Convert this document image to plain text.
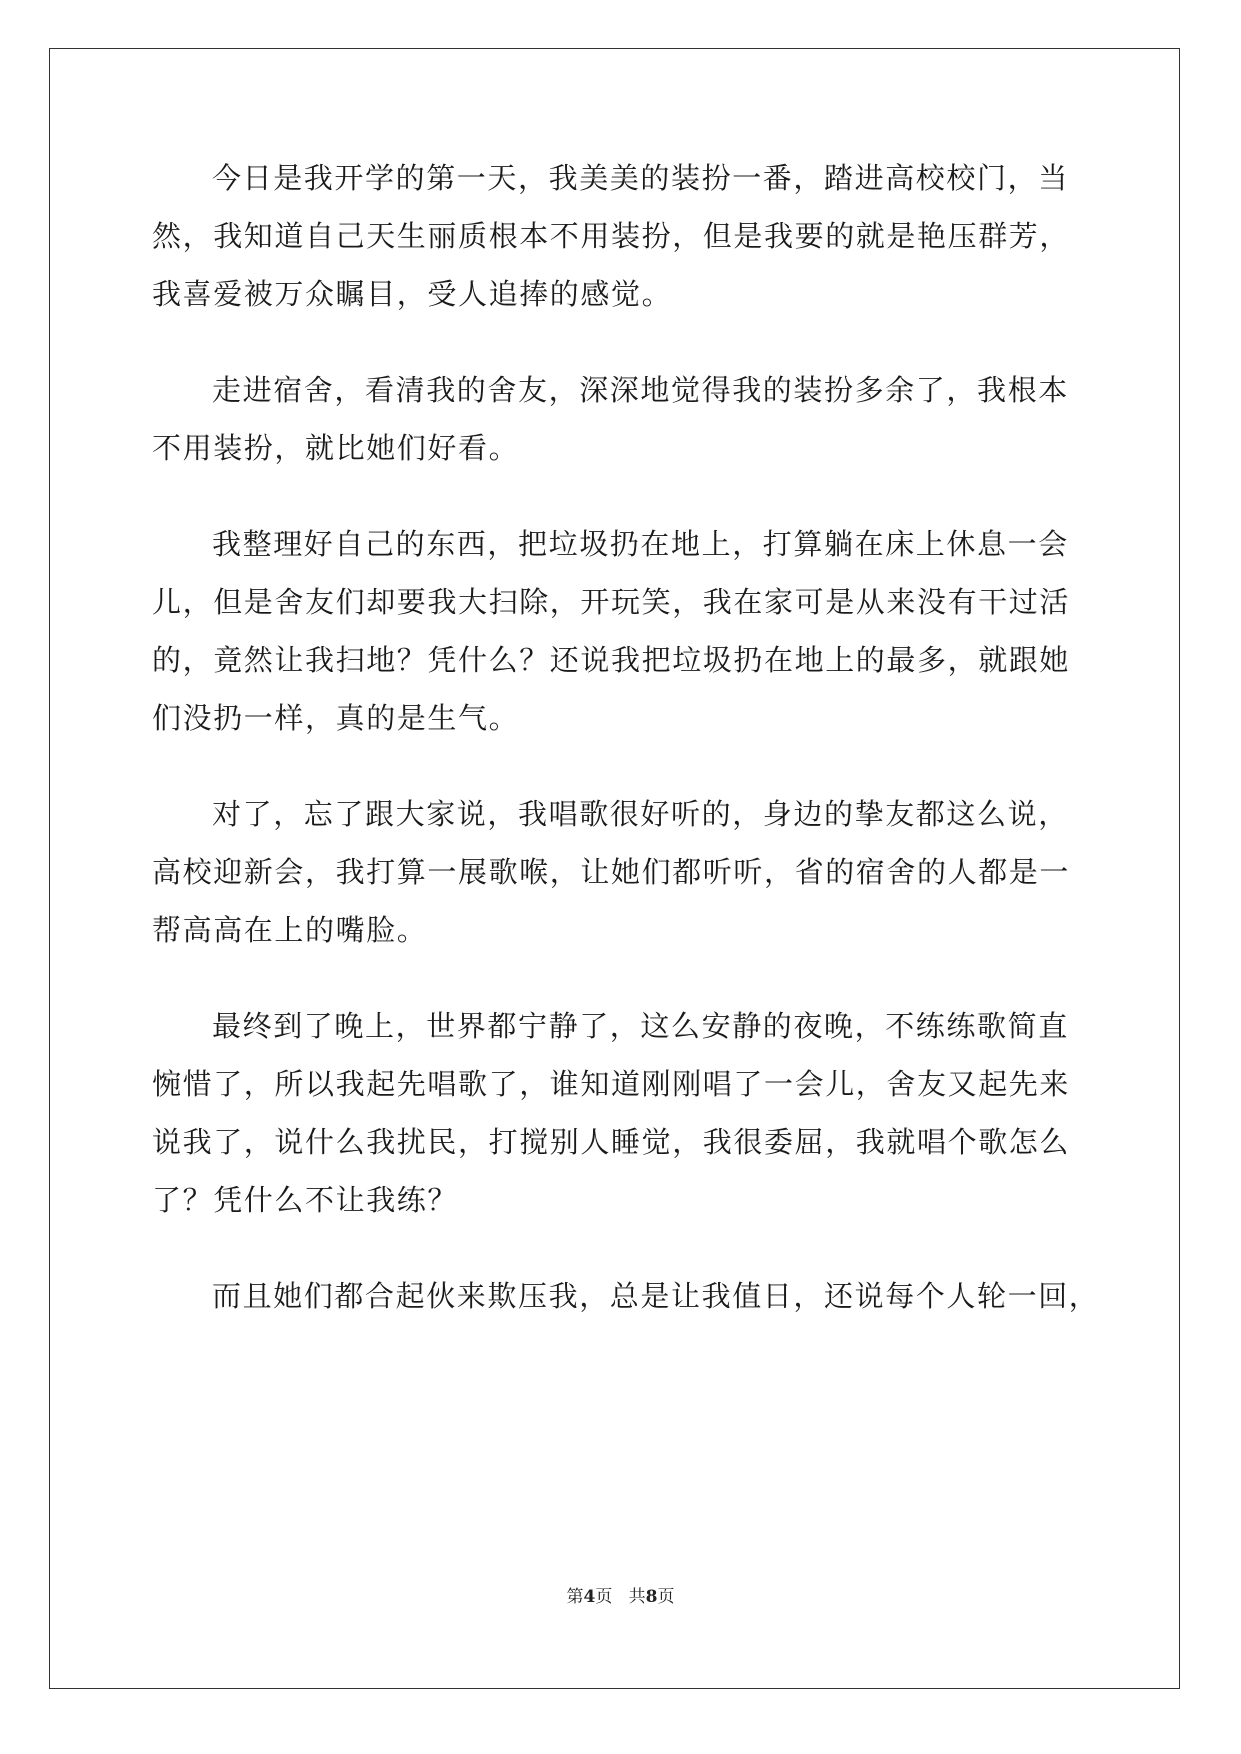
今日是我开学的第一天，我美美的装扮一番，踏进高校校门，当
然，我知道自己天生丽质根本不用装扮，但是我要的就是艳压群芳，
我喜爱被万众瞩目，受人追捧的感觉。
走进宿舍，看清我的舍友，深深地觉得我的装扮多余了，我根本
不用装扮，就比她们好看。
我整理好自己的东西，把垃圾扔在地上，打算躺在床上休息一会
儿，但是舍友们却要我大扫除，开玩笑，我在家可是从来没有干过活
的，竟然让我扫地？凭什么？还说我把垃圾扔在地上的最多，就跟她
们没扔一样，真的是生气。
对了，忘了跟大家说，我唱歌很好听的，身边的挚友都这么说，
高校迎新会，我打算一展歌喉，让她们都听听，省的宿舍的人都是一
帮高高在上的嘴脸。
最终到了晚上，世界都宁静了，这么安静的夜晚，不练练歌简直
惋惜了，所以我起先唱歌了，谁知道刚刚唱了一会儿，舍友又起先来
说我了，说什么我扰民，打搅别人睡觉，我很委屈，我就唱个歌怎么
了？凭什么不让我练？
而且她们都合起伙来欺压我，总是让我值日，还说每个人轮一回，
第4页 共8页
